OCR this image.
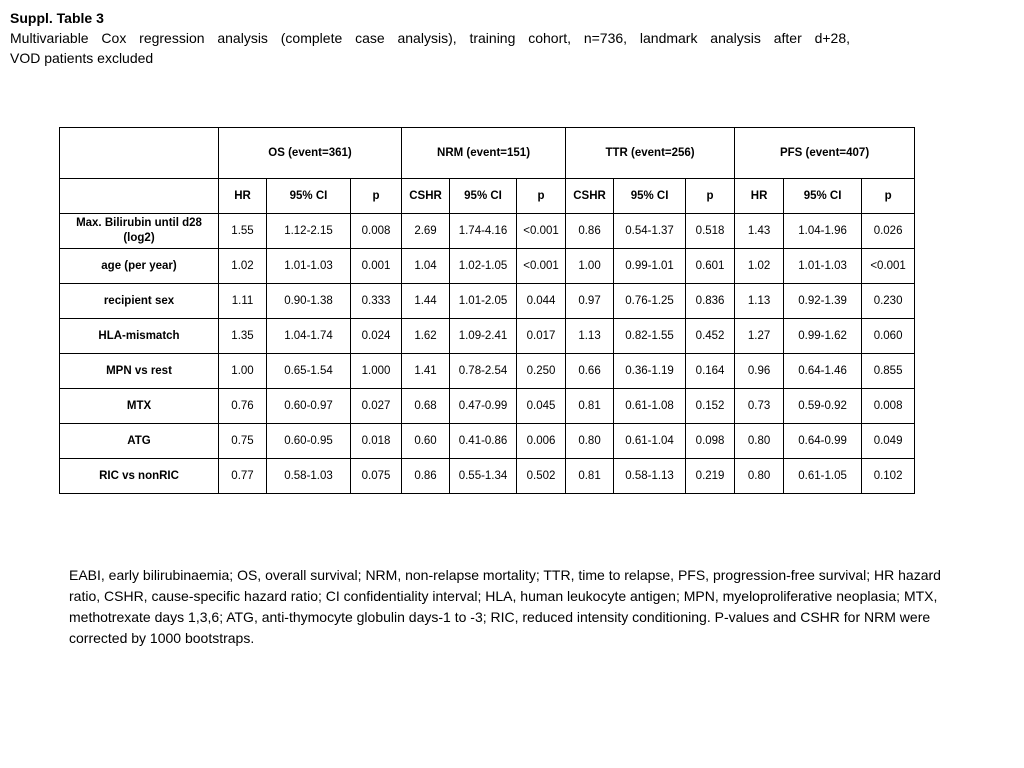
Suppl. Table 3
Multivariable Cox regression analysis (complete case analysis), training cohort, n=736, landmark analysis after d+28,
VOD patients excluded
	OS (event=361)			NRM (event=151)			TTR (event=256)			PFS (event=407)		
	HR	95% CI	p	CSHR	95% CI	p	CSHR	95% CI	p	HR	95% CI	p
Max. Bilirubin until d28 (log2)	1.55	1.12-2.15	0.008	2.69	1.74-4.16	<0.001	0.86	0.54-1.37	0.518	1.43	1.04-1.96	0.026
age (per year)	1.02	1.01-1.03	0.001	1.04	1.02-1.05	<0.001	1.00	0.99-1.01	0.601	1.02	1.01-1.03	<0.001
recipient sex	1.11	0.90-1.38	0.333	1.44	1.01-2.05	0.044	0.97	0.76-1.25	0.836	1.13	0.92-1.39	0.230
HLA-mismatch	1.35	1.04-1.74	0.024	1.62	1.09-2.41	0.017	1.13	0.82-1.55	0.452	1.27	0.99-1.62	0.060
MPN vs rest	1.00	0.65-1.54	1.000	1.41	0.78-2.54	0.250	0.66	0.36-1.19	0.164	0.96	0.64-1.46	0.855
MTX	0.76	0.60-0.97	0.027	0.68	0.47-0.99	0.045	0.81	0.61-1.08	0.152	0.73	0.59-0.92	0.008
ATG	0.75	0.60-0.95	0.018	0.60	0.41-0.86	0.006	0.80	0.61-1.04	0.098	0.80	0.64-0.99	0.049
RIC vs nonRIC	0.77	0.58-1.03	0.075	0.86	0.55-1.34	0.502	0.81	0.58-1.13	0.219	0.80	0.61-1.05	0.102
EABI, early bilirubinaemia; OS, overall survival; NRM, non-relapse mortality; TTR, time to relapse, PFS, progression-free survival; HR hazard ratio, CSHR, cause-specific hazard ratio; CI confidentiality interval; HLA, human leukocyte antigen; MPN, myeloproliferative neoplasia; MTX, methotrexate days 1,3,6; ATG, anti-thymocyte globulin days-1 to -3; RIC, reduced intensity conditioning. P-values and CSHR for NRM were corrected by 1000 bootstraps.
